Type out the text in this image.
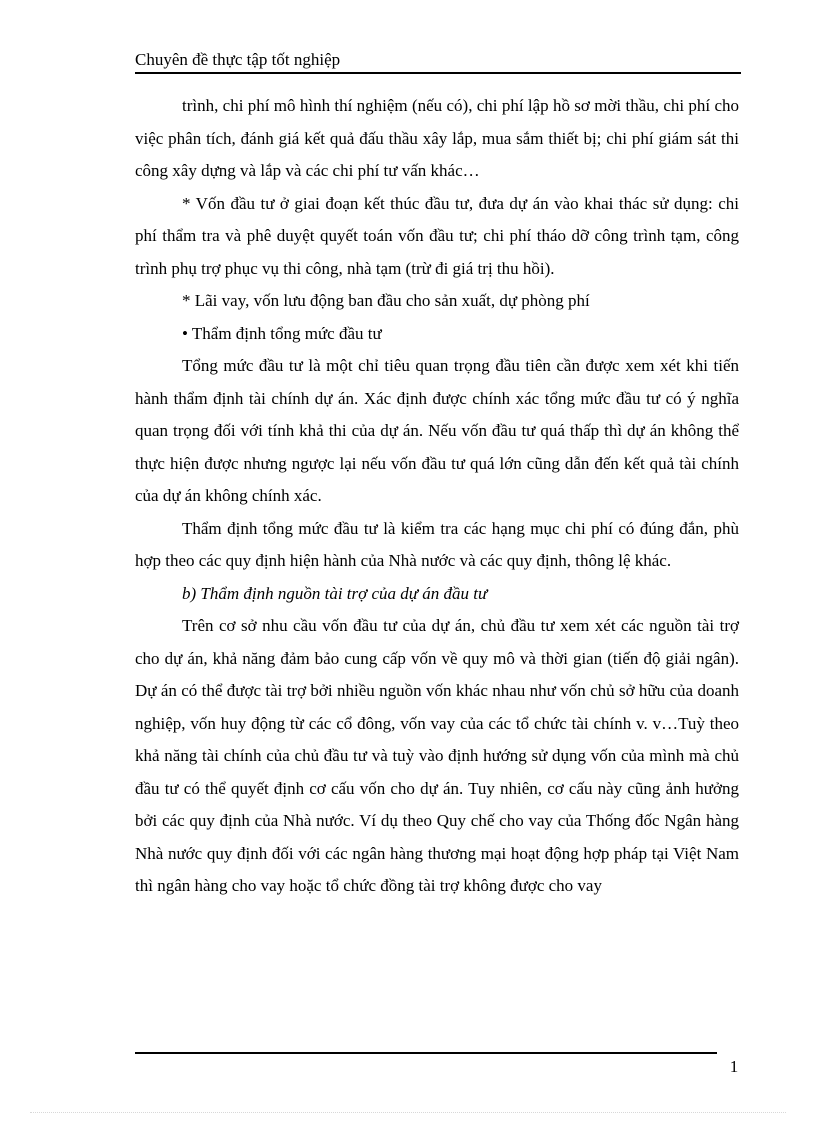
Chuyên đề thực tập tốt nghiệp

trình, chi phí mô hình thí nghiệm (nếu có), chi phí lập hồ sơ mời thầu, chi phí cho việc phân tích, đánh giá kết quả đấu thầu xây lắp, mua sắm thiết bị; chi phí giám sát thi công xây dựng và lắp và các chi phí tư vấn khác…

* Vốn đầu tư ở giai đoạn kết thúc đầu tư, đưa dự án vào khai thác sử dụng: chi phí thẩm tra và phê duyệt quyết toán vốn đầu tư; chi phí tháo dỡ công trình tạm, công trình phụ trợ phục vụ thi công, nhà tạm (trừ đi giá trị thu hồi).

* Lãi vay, vốn lưu động ban đầu cho sản xuất, dự phòng phí

• Thẩm định tổng mức đầu tư

Tổng mức đầu tư là một chỉ tiêu quan trọng đầu tiên cần được xem xét khi tiến hành thẩm định tài chính dự án. Xác định được chính xác tổng mức đầu tư có ý nghĩa quan trọng đối với tính khả thi của dự án. Nếu vốn đầu tư quá thấp thì dự án không thể thực hiện được nhưng ngược lại nếu vốn đầu tư quá lớn cũng dẫn đến kết quả tài chính của dự án không chính xác.

Thẩm định tổng mức đầu tư là kiểm tra các hạng mục chi phí có đúng đắn, phù hợp theo các quy định hiện hành của Nhà nước và các quy định, thông lệ khác.

b) Thẩm định nguồn tài trợ của dự án đầu tư

Trên cơ sở nhu cầu vốn đầu tư của dự án, chủ đầu tư xem xét các nguồn tài trợ cho dự án, khả năng đảm bảo cung cấp vốn về quy mô và thời gian (tiến độ giải ngân). Dự án có thể được tài trợ bởi nhiều nguồn vốn khác nhau như vốn chủ sở hữu của doanh nghiệp, vốn huy động từ các cổ đông, vốn vay của các tổ chức tài chính v. v…Tuỳ theo khả năng tài chính của chủ đầu tư và tuỳ vào định hướng sử dụng vốn của mình mà chủ đầu tư có thể quyết định cơ cấu vốn cho dự án. Tuy nhiên, cơ cấu này cũng ảnh hưởng bởi các quy định của Nhà nước. Ví dụ theo Quy chế cho vay của Thống đốc Ngân hàng Nhà nước quy định đối với các ngân hàng thương mại hoạt động hợp pháp tại Việt Nam thì ngân hàng cho vay hoặc tổ chức đồng tài trợ không được cho vay

1
